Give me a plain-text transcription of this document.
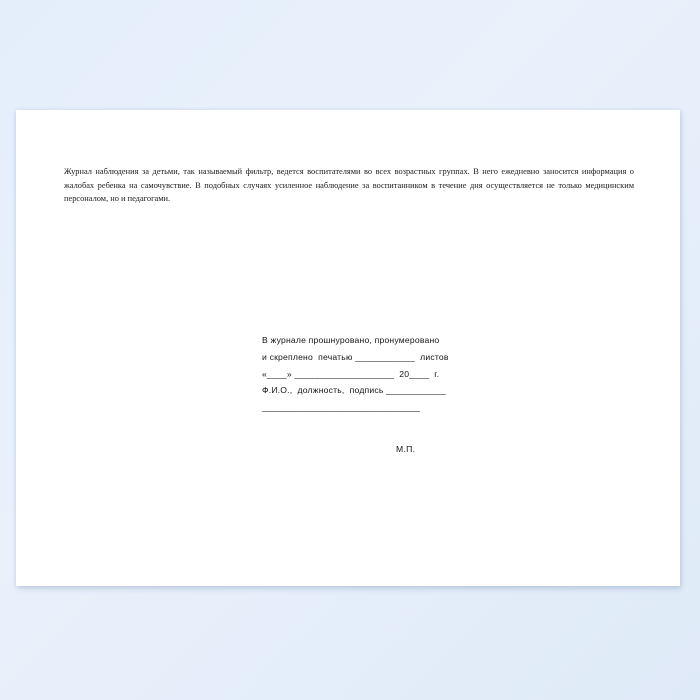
Журнал наблюдения за детьми, так называемый фильтр, ведется воспитателями во всех возрастных группах. В него ежедневно заносится информация о жалобах ребенка на самочувствие. В подобных случаях усиленное наблюдение за воспитанником в течение дня осуществляется не только медицинским персоналом, но и педагогами.
В журнале прошнуровано, пронумеровано
и скреплено  печатью ____________  листов
«____» ____________________  20____  г.
Ф.И.О.,  должность,  подпись ____________
_________________________________
М.П.
